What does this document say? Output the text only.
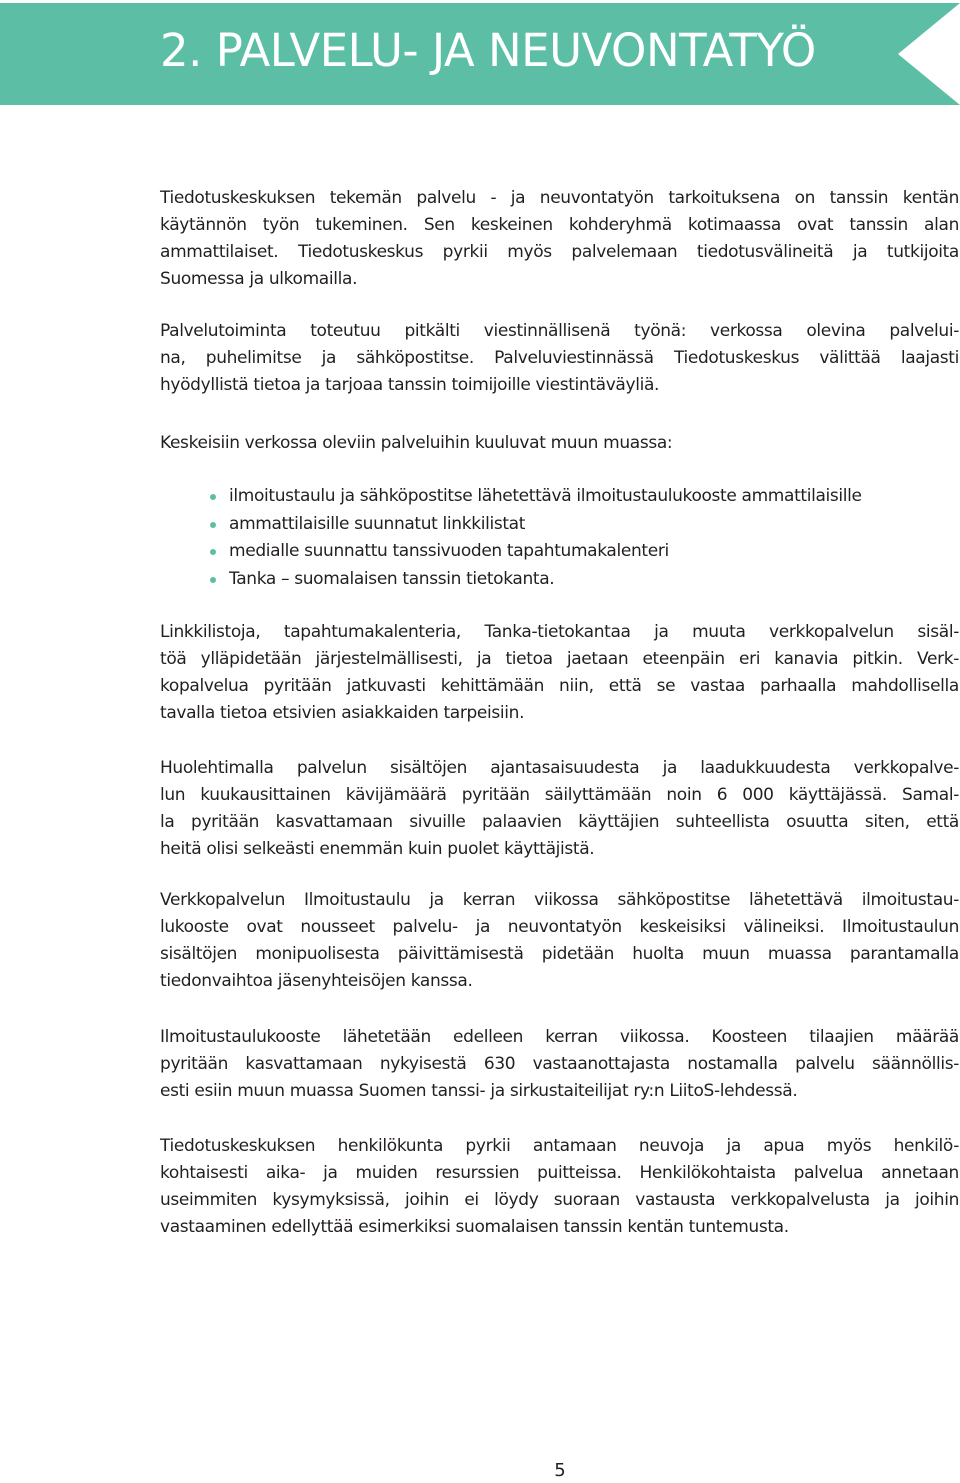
2. PALVELU- JA NEUVONTATYÖ

Tiedotuskeskuksen tekemän palvelu - ja neuvontatyön tarkoituksena on tanssin kentän
käytännön työn tukeminen. Sen keskeinen kohderyhmä kotimaassa ovat tanssin alan
ammattilaiset. Tiedotuskeskus pyrkii myös palvelemaan tiedotusvälineitä ja tutkijoita
Suomessa ja ulkomailla.

Palvelutoiminta toteutuu pitkälti viestinnällisenä työnä: verkossa olevina palvelui-
na, puhelimitse ja sähköpostitse. Palveluviestinnässä Tiedotuskeskus välittää laajasti
hyödyllistä tietoa ja tarjoaa tanssin toimijoille viestintäväyliä.

Keskeisiin verkossa oleviin palveluihin kuuluvat muun muassa:

ilmoitustaulu ja sähköpostitse lähetettävä ilmoitustaulukooste ammattilaisille
ammattilaisille suunnatut linkkilistat
medialle suunnattu tanssivuoden tapahtumakalenteri
Tanka – suomalaisen tanssin tietokanta.

Linkkilistoja, tapahtumakalenteria, Tanka-tietokantaa ja muuta verkkopalvelun sisäl-
töä ylläpidetään järjestelmällisesti, ja tietoa jaetaan eteenpäin eri kanavia pitkin. Verk-
kopalvelua pyritään jatkuvasti kehittämään niin, että se vastaa parhaalla mahdollisella
tavalla tietoa etsivien asiakkaiden tarpeisiin.

Huolehtimalla palvelun sisältöjen ajantasaisuudesta ja laadukkuudesta verkkopalve-
lun kuukausittainen kävijämäärä pyritään säilyttämään noin 6 000 käyttäjässä. Samal-
la pyritään kasvattamaan sivuille palaavien käyttäjien suhteellista osuutta siten, että
heitä olisi selkeästi enemmän kuin puolet käyttäjistä.

Verkkopalvelun Ilmoitustaulu ja kerran viikossa sähköpostitse lähetettävä ilmoitustau-
lukooste ovat nousseet palvelu- ja neuvontatyön keskeisiksi välineiksi. Ilmoitustaulun
sisältöjen monipuolisesta päivittämisestä pidetään huolta muun muassa parantamalla
tiedonvaihtoa jäsenyhteisöjen kanssa.

Ilmoitustaulukooste lähetetään edelleen kerran viikossa. Koosteen tilaajien määrää
pyritään kasvattamaan nykyisestä 630 vastaanottajasta nostamalla palvelu säännöllis-
esti esiin muun muassa Suomen tanssi- ja sirkustaiteilijat ry:n LiitoS-lehdessä.

Tiedotuskeskuksen henkilökunta pyrkii antamaan neuvoja ja apua myös henkilö-
kohtaisesti aika- ja muiden resurssien puitteissa. Henkilökohtaista palvelua annetaan
useimmiten kysymyksissä, joihin ei löydy suoraan vastausta verkkopalvelusta ja joihin
vastaaminen edellyttää esimerkiksi suomalaisen tanssin kentän tuntemusta.

5
